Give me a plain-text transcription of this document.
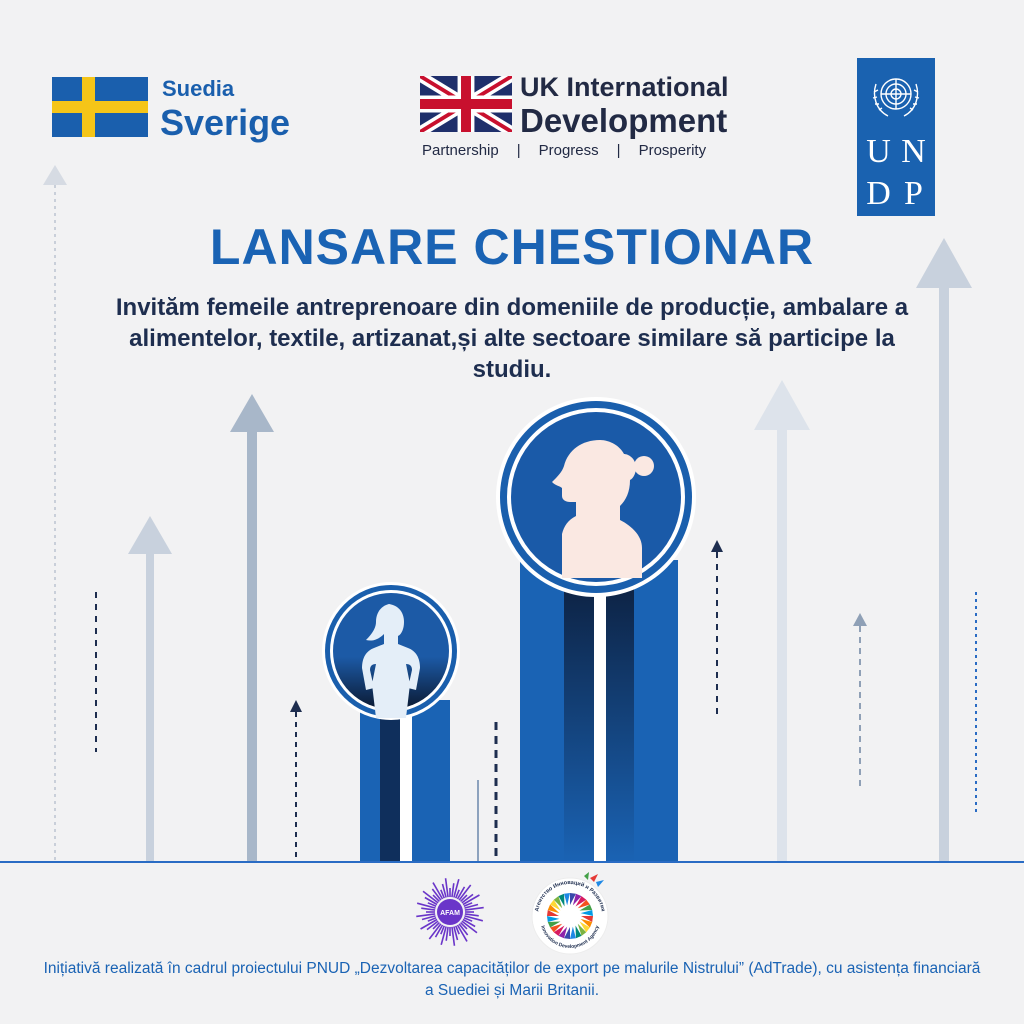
Suedia
Sverige
UK International
Development
Partnership | Progress | Prosperity	U N
D P
LANSARE CHESTIONAR
Invităm femeile antreprenoare din domeniile de producție, ambalare a alimentelor, textile, artizanat,și alte sectoare similare să participe la studiu.
AFAM
Агентство Инноваций и Развития
Innovation Development Agency
Inițiativă realizată în cadrul proiectului PNUD „Dezvoltarea capacităților de export pe malurile Nistrului” (AdTrade), cu asistența financiară a Suediei și Marii Britanii.
